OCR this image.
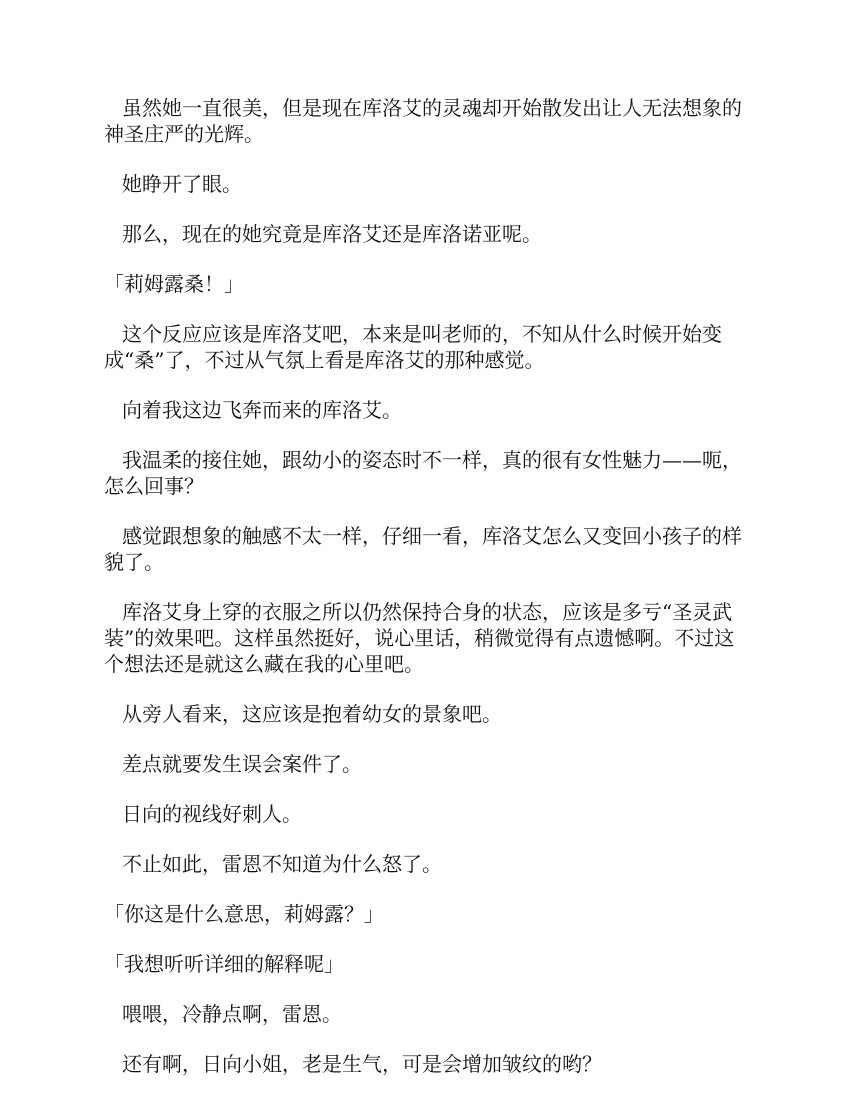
虽然她一直很美，但是现在库洛艾的灵魂却开始散发出让人无法想象的神圣庄严的光辉。

她睁开了眼。

那么，现在的她究竟是库洛艾还是库洛诺亚呢。

「莉姆露桑！」

这个反应应该是库洛艾吧，本来是叫老师的，不知从什么时候开始变成“桑”了，不过从气氛上看是库洛艾的那种感觉。

向着我这边飞奔而来的库洛艾。

我温柔的接住她，跟幼小的姿态时不一样，真的很有女性魅力——呃，怎么回事？

感觉跟想象的触感不太一样，仔细一看，库洛艾怎么又变回小孩子的样貌了。

库洛艾身上穿的衣服之所以仍然保持合身的状态，应该是多亏“圣灵武装”的效果吧。这样虽然挺好，说心里话，稍微觉得有点遗憾啊。不过这个想法还是就这么藏在我的心里吧。

从旁人看来，这应该是抱着幼女的景象吧。

差点就要发生误会案件了。

日向的视线好刺人。

不止如此，雷恩不知道为什么怒了。

「你这是什么意思，莉姆露？」

「我想听听详细的解释呢」

喂喂，冷静点啊，雷恩。

还有啊，日向小姐，老是生气，可是会增加皱纹的哟？
